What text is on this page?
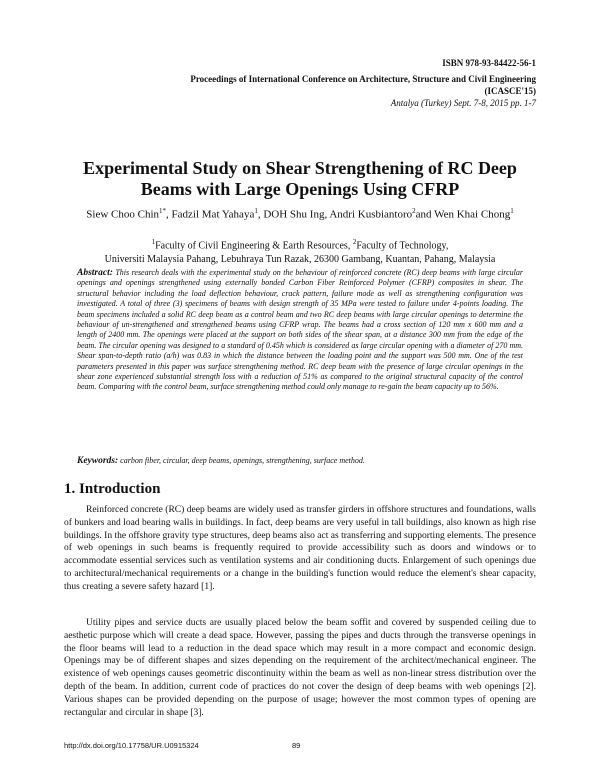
ISBN 978-93-84422-56-1
Proceedings of International Conference on Architecture, Structure and Civil Engineering
(ICASCE'15)
Antalya (Turkey) Sept. 7-8, 2015 pp. 1-7
Experimental Study on Shear Strengthening of RC Deep Beams with Large Openings Using CFRP
Siew Choo Chin$^{1*}$, Fadzil Mat Yahaya$^1$, DOH Shu Ing, Andri Kusbiantoro$^2$and Wen Khai Chong$^1$
$^1$Faculty of Civil Engineering & Earth Resources, $^2$Faculty of Technology,
Universiti Malaysia Pahang, Lebuhraya Tun Razak, 26300 Gambang, Kuantan, Pahang, Malaysia
Abstract: This research deals with the experimental study on the behaviour of reinforced concrete (RC) deep beams with large circular openings and openings strengthened using externally bonded Carbon Fiber Reinforced Polymer (CFRP) composites in shear. The structural behavior including the load deflection behaviour, crack pattern, failure mode as well as strengthening configuration was investigated. A total of three (3) specimens of beams with design strength of 35 MPa were tested to failure under 4-points loading. The beam specimens included a solid RC deep beam as a control beam and two RC deep beams with large circular openings to determine the behaviour of un-strengthened and strengthened beams using CFRP wrap. The beams had a cross section of 120 mm x 600 mm and a length of 2400 mm. The openings were placed at the support on both sides of the shear span, at a distance 300 mm from the edge of the beam. The circular opening was designed to a standard of 0.45h which is considered as large circular opening with a diameter of 270 mm. Shear span-to-depth ratio (a/h) was 0.83 in which the distance between the loading point and the support was 500 mm. One of the test parameters presented in this paper was surface strengthening method. RC deep beam with the presence of large circular openings in the shear zone experienced substantial strength loss with a reduction of 51% as compared to the original structural capacity of the control beam. Comparing with the control beam, surface strengthening method could only manage to re-gain the beam capacity up to 56%.
Keywords: carbon fiber, circular, deep beams, openings, strengthening, surface method.
1. Introduction
Reinforced concrete (RC) deep beams are widely used as transfer girders in offshore structures and foundations, walls of bunkers and load bearing walls in buildings. In fact, deep beams are very useful in tall buildings, also known as high rise buildings. In the offshore gravity type structures, deep beams also act as transferring and supporting elements. The presence of web openings in such beams is frequently required to provide accessibility such as doors and windows or to accommodate essential services such as ventilation systems and air conditioning ducts. Enlargement of such openings due to architectural/mechanical requirements or a change in the building's function would reduce the element's shear capacity, thus creating a severe safety hazard [1].
Utility pipes and service ducts are usually placed below the beam soffit and covered by suspended ceiling due to aesthetic purpose which will create a dead space. However, passing the pipes and ducts through the transverse openings in the floor beams will lead to a reduction in the dead space which may result in a more compact and economic design. Openings may be of different shapes and sizes depending on the requirement of the architect/mechanical engineer. The existence of web openings causes geometric discontinuity within the beam as well as non-linear stress distribution over the depth of the beam. In addition, current code of practices do not cover the design of deep beams with web openings [2]. Various shapes can be provided depending on the purpose of usage; however the most common types of opening are rectangular and circular in shape [3].
http://dx.doi.org/10.17758/UR.U0915324	89
